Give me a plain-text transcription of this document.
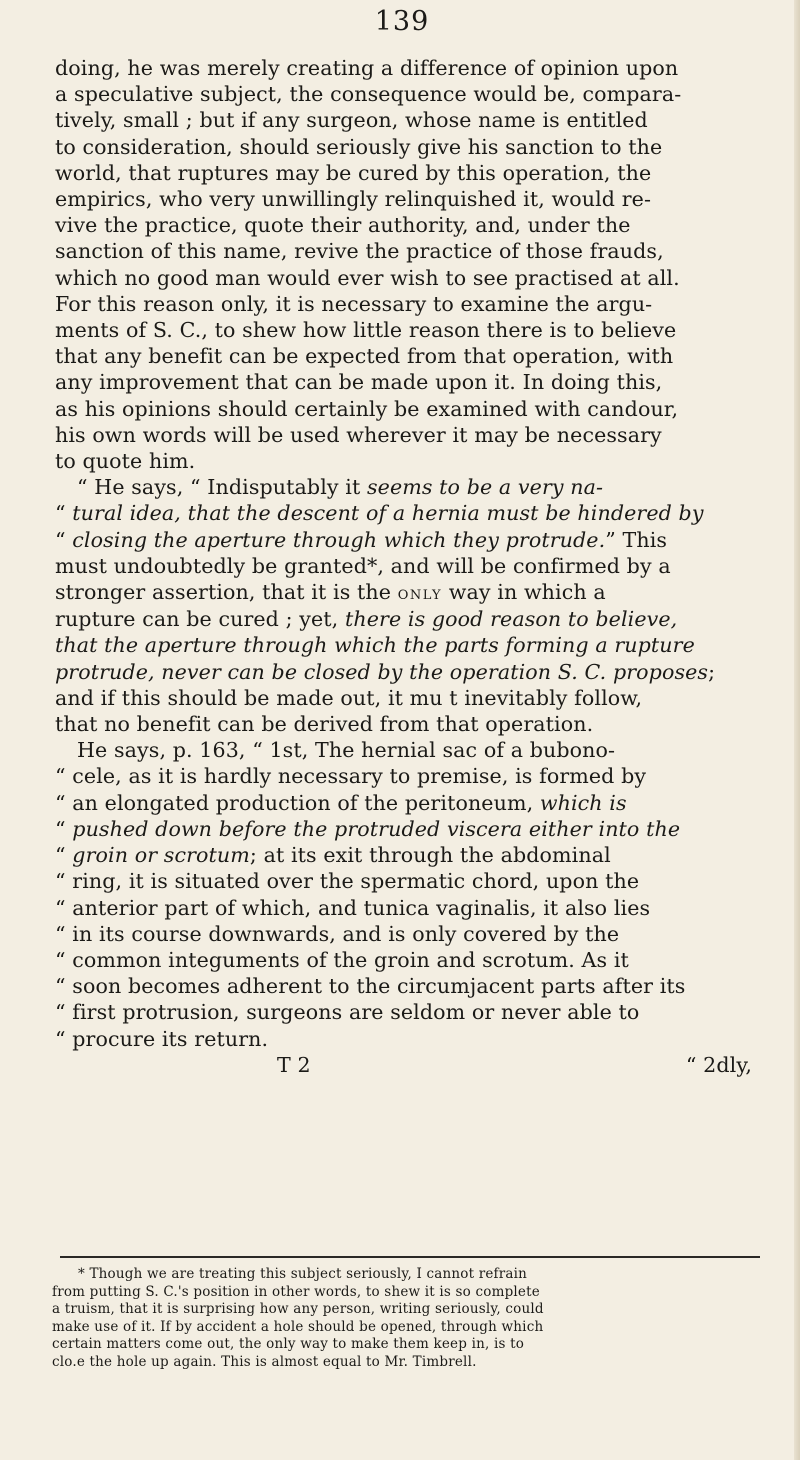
139
doing, he was merely creating a difference of opinion upon
a speculative subject, the consequence would be, compara-
tively, small ; but if any surgeon, whose name is entitled
to consideration, should seriously give his sanction to the
world, that ruptures may be cured by this operation, the
empirics, who very unwillingly relinquished it, would re-
vive the practice, quote their authority, and, under the
sanction of this name, revive the practice of those frauds,
which no good man would ever wish to see practised at all.
For this reason only, it is necessary to examine the argu-
ments of S. C., to shew how little reason there is to believe
that any benefit can be expected from that operation, with
any improvement that can be made upon it. In doing this,
as his opinions should certainly be examined with candour,
his own words will be used wherever it may be necessary
to quote him.
“ He says, “ Indisputably it seems to be a very na-
“ tural idea, that the descent of a hernia must be hindered by
“ closing the aperture through which they protrude.” This
must undoubtedly be granted*, and will be confirmed by a
stronger assertion, that it is the only way in which a
rupture can be cured ; yet, there is good reason to believe,
that the aperture through which the parts forming a rupture
protrude, never can be closed by the operation S. C. proposes;
and if this should be made out, it mu t inevitably follow,
that no benefit can be derived from that operation.
He says, p. 163, “ 1st, The hernial sac of a bubono-
“ cele, as it is hardly necessary to premise, is formed by
“ an elongated production of the peritoneum, which is
“ pushed down before the protruded viscera either into the
“ groin or scrotum; at its exit through the abdominal
“ ring, it is situated over the spermatic chord, upon the
“ anterior part of which, and tunica vaginalis, it also lies
“ in its course downwards, and is only covered by the
“ common integuments of the groin and scrotum. As it
“ soon becomes adherent to the circumjacent parts after its
“ first protrusion, surgeons are seldom or never able to
“ procure its return.
T 2	“ 2dly,
* Though we are treating this subject seriously, I cannot refrain
from putting S. C.'s position in other words, to shew it is so complete
a truism, that it is surprising how any person, writing seriously, could
make use of it. If by accident a hole should be opened, through which
certain matters come out, the only way to make them keep in, is to
clo.e the hole up again. This is almost equal to Mr. Timbrell.
